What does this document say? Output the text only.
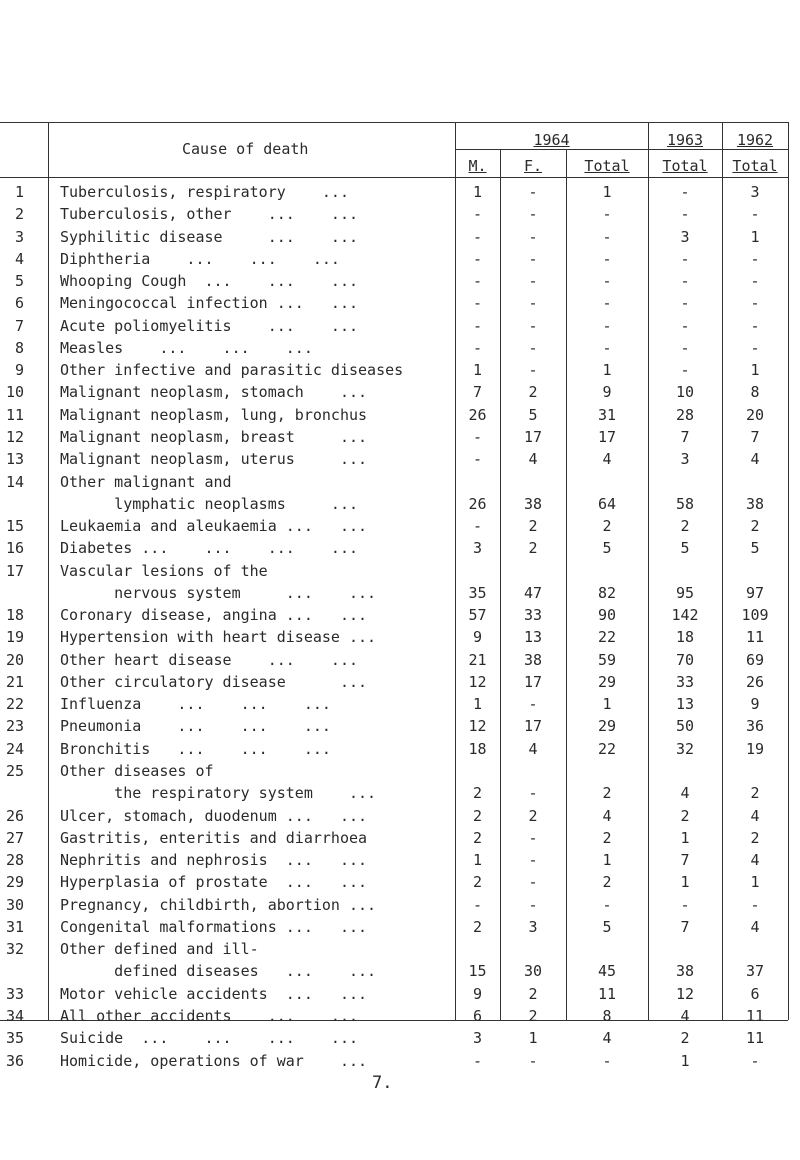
Cause of death	1964	1963	1962
M.	F.	Total	Total	Total
1 Tuberculosis, respiratory    ...	1	-	1	-	3
2 Tuberculosis, other    ...    ...	-	-	-	-	-
3 Syphilitic disease     ...    ...	-	-	-	3	1
4 Diphtheria    ...    ...    ...	-	-	-	-	-
5 Whooping Cough  ...    ...    ...	-	-	-	-	-
6 Meningococcal infection ...   ...	-	-	-	-	-
7 Acute poliomyelitis    ...    ...	-	-	-	-	-
8 Measles    ...    ...    ...	-	-	-	-	-
9 Other infective and parasitic diseases	1	-	1	-	1
10 Malignant neoplasm, stomach    ...	7	2	9	10	8
11 Malignant neoplasm, lung, bronchus	26	5	31	28	20
12 Malignant neoplasm, breast     ...	-	17	17	7	7
13 Malignant neoplasm, uterus     ...	-	4	4	3	4
14 Other malignant and
lymphatic neoplasms     ...	26	38	64	58	38
15 Leukaemia and aleukaemia ...   ...	-	2	2	2	2
16 Diabetes ...    ...    ...    ...	3	2	5	5	5
17 Vascular lesions of the
nervous system     ...    ...	35	47	82	95	97
18 Coronary disease, angina ...   ...	57	33	90	142	109
19 Hypertension with heart disease ...	9	13	22	18	11
20 Other heart disease    ...    ...	21	38	59	70	69
21 Other circulatory disease      ...	12	17	29	33	26
22 Influenza    ...    ...    ...	1	-	1	13	9
23 Pneumonia    ...    ...    ...	12	17	29	50	36
24 Bronchitis   ...    ...    ...	18	4	22	32	19
25 Other diseases of
the respiratory system    ...	2	-	2	4	2
26 Ulcer, stomach, duodenum ...   ...	2	2	4	2	4
27 Gastritis, enteritis and diarrhoea	2	-	2	1	2
28 Nephritis and nephrosis  ...   ...	1	-	1	7	4
29 Hyperplasia of prostate  ...   ...	2	-	2	1	1
30 Pregnancy, childbirth, abortion ...	-	-	-	-	-
31 Congenital malformations ...   ...	2	3	5	7	4
32 Other defined and ill-
defined diseases   ...    ...	15	30	45	38	37
33 Motor vehicle accidents  ...   ...	9	2	11	12	6
34 All other accidents    ...    ...	6	2	8	4	11
35 Suicide  ...    ...    ...    ...	3	1	4	2	11
36 Homicide, operations of war    ...	-	-	-	1	-
7.
